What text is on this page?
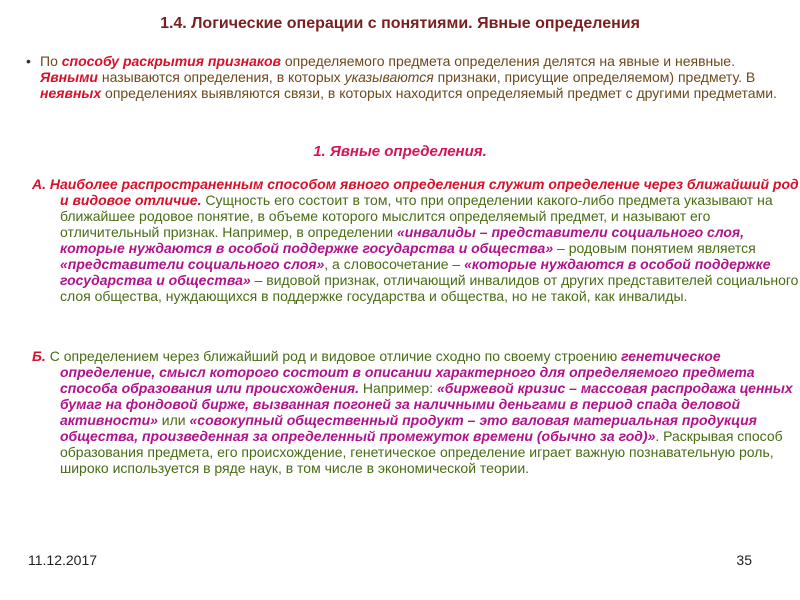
1.4. Логические операции с понятиями. Явные определения
• По способу раскрытия признаков определяемого предмета определения делятся на явные и неявные. Явными называются определения, в которых указываются признаки, присущие определяемом) предмету. В неявных определениях выявляются связи, в которых находится определяемый предмет с другими предметами.
1. Явные определения.
А. Наиболее распространенным способом явного определения служит определение через ближайший род и видовое отличие. Сущность его состоит в том, что при определении какого-либо предмета указывают на ближайшее родовое понятие, в объеме которого мыслится определяемый предмет, и называют его отличительный признак. Например, в определении «инвалиды – представители социального слоя, которые нуждаются в особой поддержке государства и общества» – родовым понятием является «представители социального слоя», а словосочетание – «которые нуждаются в особой поддержке государства и общества» – видовой признак, отличающий инвалидов от других представителей социального слоя общества, нуждающихся в поддержке государства и общества, но не такой, как инвалиды.
Б. С определением через ближайший род и видовое отличие сходно по своему строению генетическое определение, смысл которого состоит в описании характерного для определяемого предмета способа образования или происхождения. Например: «биржевой кризис – массовая распродажа ценных бумаг на фондовой бирже, вызванная погоней за наличными деньгами в период спада деловой активности» или «совокупный общественный продукт – это валовая материальная продукция общества, произведенная за определенный промежуток времени (обычно за год)». Раскрывая способ образования предмета, его происхождение, генетическое определение играет важную познавательную роль, широко используется в ряде наук, в том числе в экономической теории.
11.12.2017	35
